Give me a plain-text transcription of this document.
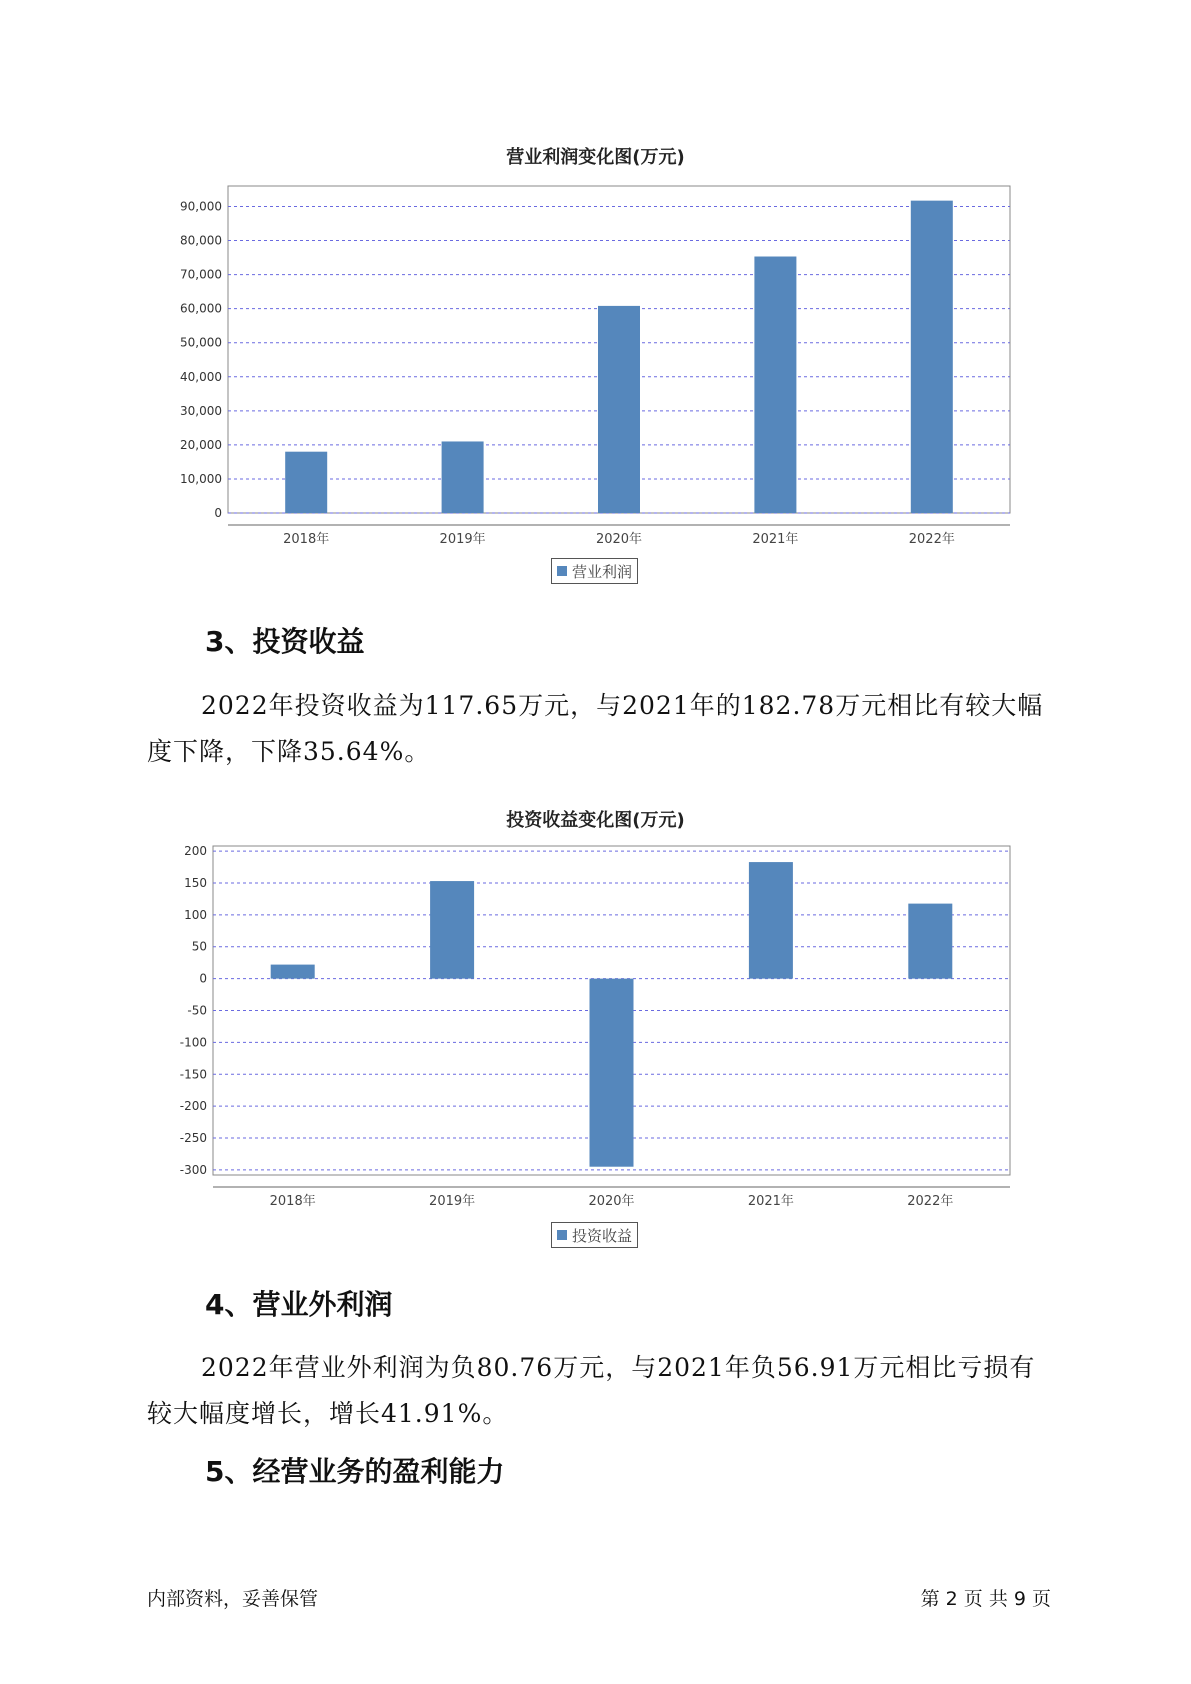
营业利润变化图(万元)
0
10,000
20,000
30,000
40,000
50,000
60,000
70,000
80,000
90,000
2018年	2019年	2020年	2021年	2022年
营业利润
3、投资收益

2022年投资收益为117.65万元，与2021年的182.78万元相比有较大幅度下降，下降35.64%。

投资收益变化图(万元)
200
150
100
50
0
-50
-100
-150
-200
-250
-300
2018年	2019年	2020年	2021年	2022年
投资收益
4、营业外利润

2022年营业外利润为负80.76万元，与2021年负56.91万元相比亏损有较大幅度增长，增长41.91%。

5、经营业务的盈利能力
内部资料，妥善保管	第 2 页 共 9 页
